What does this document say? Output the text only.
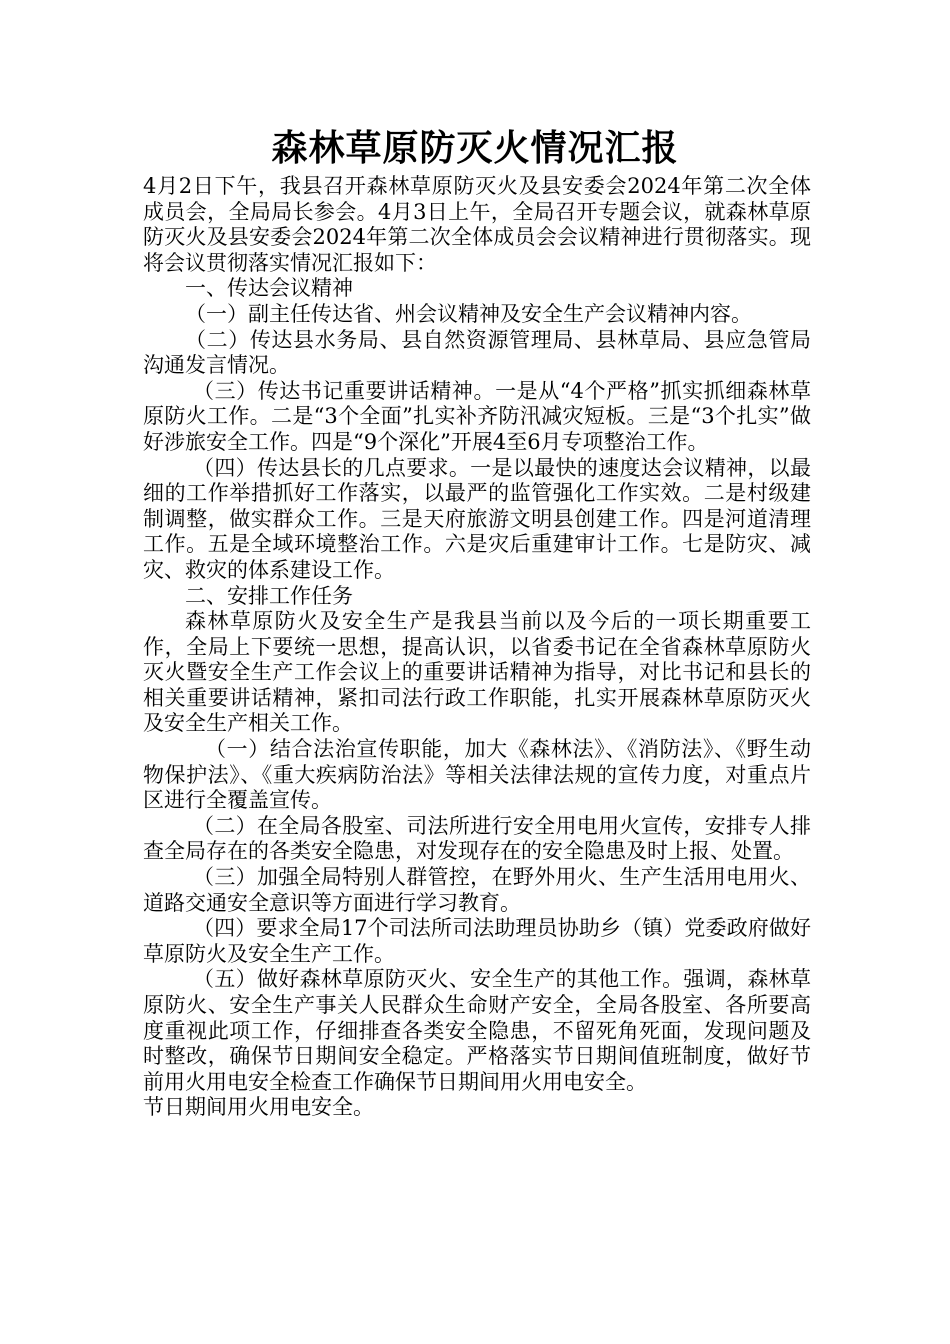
森林草原防灭火情况汇报

4月2日下午，我县召开森林草原防灭火及县安委会2024年第二次全体成员会，全局局长参会。4月3日上午，全局召开专题会议，就森林草原防灭火及县安委会2024年第二次全体成员会会议精神进行贯彻落实。现将会议贯彻落实情况汇报如下：

一、传达会议精神

（一）副主任传达省、州会议精神及安全生产会议精神内容。

（二）传达县水务局、县自然资源管理局、县林草局、县应急管局沟通发言情况。

（三）传达书记重要讲话精神。一是从“4个严格”抓实抓细森林草原防火工作。二是“3个全面”扎实补齐防汛减灾短板。三是“3个扎实”做好涉旅安全工作。四是“9个深化”开展4至6月专项整治工作。

（四）传达县长的几点要求。一是以最快的速度达会议精神，以最细的工作举措抓好工作落实，以最严的监管强化工作实效。二是村级建制调整，做实群众工作。三是天府旅游文明县创建工作。四是河道清理工作。五是全域环境整治工作。六是灾后重建审计工作。七是防灾、减灾、救灾的体系建设工作。

二、安排工作任务

森林草原防火及安全生产是我县当前以及今后的一项长期重要工作，全局上下要统一思想，提高认识，以省委书记在全省森林草原防火灭火暨安全生产工作会议上的重要讲话精神为指导，对比书记和县长的相关重要讲话精神，紧扣司法行政工作职能，扎实开展森林草原防灭火及安全生产相关工作。

（一）结合法治宣传职能，加大《森林法》、《消防法》、《野生动物保护法》、《重大疾病防治法》等相关法律法规的宣传力度，对重点片区进行全覆盖宣传。

（二）在全局各股室、司法所进行安全用电用火宣传，安排专人排查全局存在的各类安全隐患，对发现存在的安全隐患及时上报、处置。

（三）加强全局特别人群管控，在野外用火、生产生活用电用火、道路交通安全意识等方面进行学习教育。

（四）要求全局17个司法所司法助理员协助乡（镇）党委政府做好草原防火及安全生产工作。

（五）做好森林草原防灭火、安全生产的其他工作。强调，森林草原防火、安全生产事关人民群众生命财产安全，全局各股室、各所要高度重视此项工作，仔细排查各类安全隐患，不留死角死面，发现问题及时整改，确保节日期间安全稳定。严格落实节日期间值班制度，做好节前用火用电安全检查工作确保节日期间用火用电安全。

节日期间用火用电安全。
